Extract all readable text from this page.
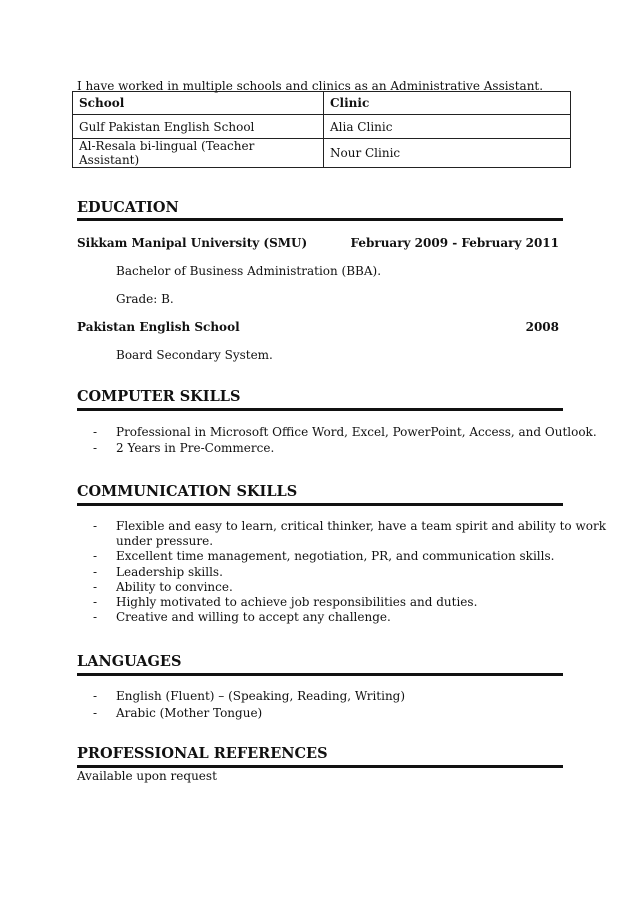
I have worked in multiple schools and clinics as an Administrative Assistant.
School	Clinic
Gulf Pakistan English School	Alia Clinic
Al-Resala bi-lingual (Teacher Assistant)	Nour Clinic
EDUCATION
Sikkam Manipal University (SMU)	February 2009 - February 2011
Bachelor of Business Administration (BBA).
Grade: B.
Pakistan English School	2008
Board Secondary System.
COMPUTER SKILLS
- Professional in Microsoft Office Word, Excel, PowerPoint, Access, and Outlook.
- 2 Years in Pre-Commerce.
COMMUNICATION SKILLS
- Flexible and easy to learn, critical thinker, have a team spirit and ability to work
under pressure.
- Excellent time management, negotiation, PR, and communication skills.
- Leadership skills.
- Ability to convince.
- Highly motivated to achieve job responsibilities and duties.
- Creative and willing to accept any challenge.
LANGUAGES
- English (Fluent) – (Speaking, Reading, Writing)
- Arabic (Mother Tongue)
PROFESSIONAL REFERENCES
Available upon request
